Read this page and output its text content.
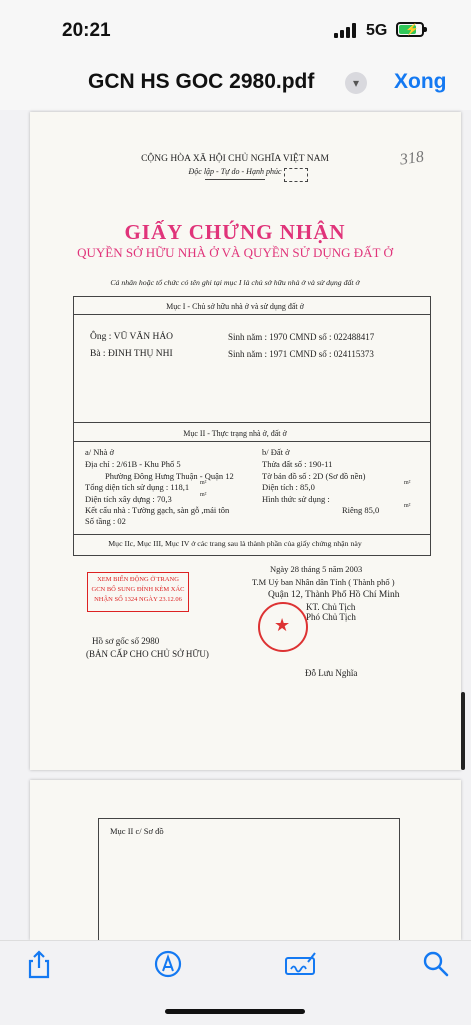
20:21	5G ⚡
GCN HS GOC 2980.pdf	▾	Xong
CỘNG HÒA XÃ HỘI CHỦ NGHĨA VIỆT NAM
Độc lập - Tự do - Hạnh phúc
318
GIẤY CHỨNG NHẬN
QUYỀN SỞ HỮU NHÀ Ở VÀ QUYỀN SỬ DỤNG ĐẤT Ở
Cá nhân hoặc tổ chức có tên ghi tại mục I là chủ sở hữu nhà ở và sử dụng đất ở
Mục I - Chủ sở hữu nhà ở và sử dụng đất ở
Ông : VŨ VĂN HẢO	Sinh năm : 1970 CMND số : 022488417
Bà : ĐINH THỤ NHI	Sinh năm : 1971 CMND số : 024115373
Mục II - Thực trạng nhà ở, đất ở
a/ Nhà ở
Địa chỉ : 2/61B - Khu Phố 5
Phường Đông Hưng Thuận - Quận 12
Tổng diện tích sử dụng : 118,1 m²
Diện tích xây dựng : 70,3	m²
Kết cấu nhà : Tường gạch, sàn gỗ ,mái tôn
Số tầng : 02
b/ Đất ở
Thửa đất số : 190-11
Tờ bản đồ số : 2D (Sơ đồ nền)
Diện tích : 85,0	m²
Hình thức sử dụng :
Riêng 85,0	m²
Mục IIc, Mục III, Mục IV ở các trang sau là thành phần của giấy chứng nhận này
Ngày 28 tháng 5 năm 2003
T.M Uỷ ban Nhân dân Tỉnh ( Thành phố )
Quận 12, Thành Phố Hồ Chí Minh
KT. Chủ Tịch
Phó Chủ Tịch
★
Đỗ Lưu Nghĩa
XEM BIẾN ĐỘNG Ở TRANG GCN BỔ SUNG ĐÍNH KÈM XÁC NHẬN SỐ 1324 NGÀY 23.12.06
Hồ sơ gốc số 2980
(BẢN CẤP CHO CHỦ SỞ HỮU)
Mục II c/ Sơ đồ
